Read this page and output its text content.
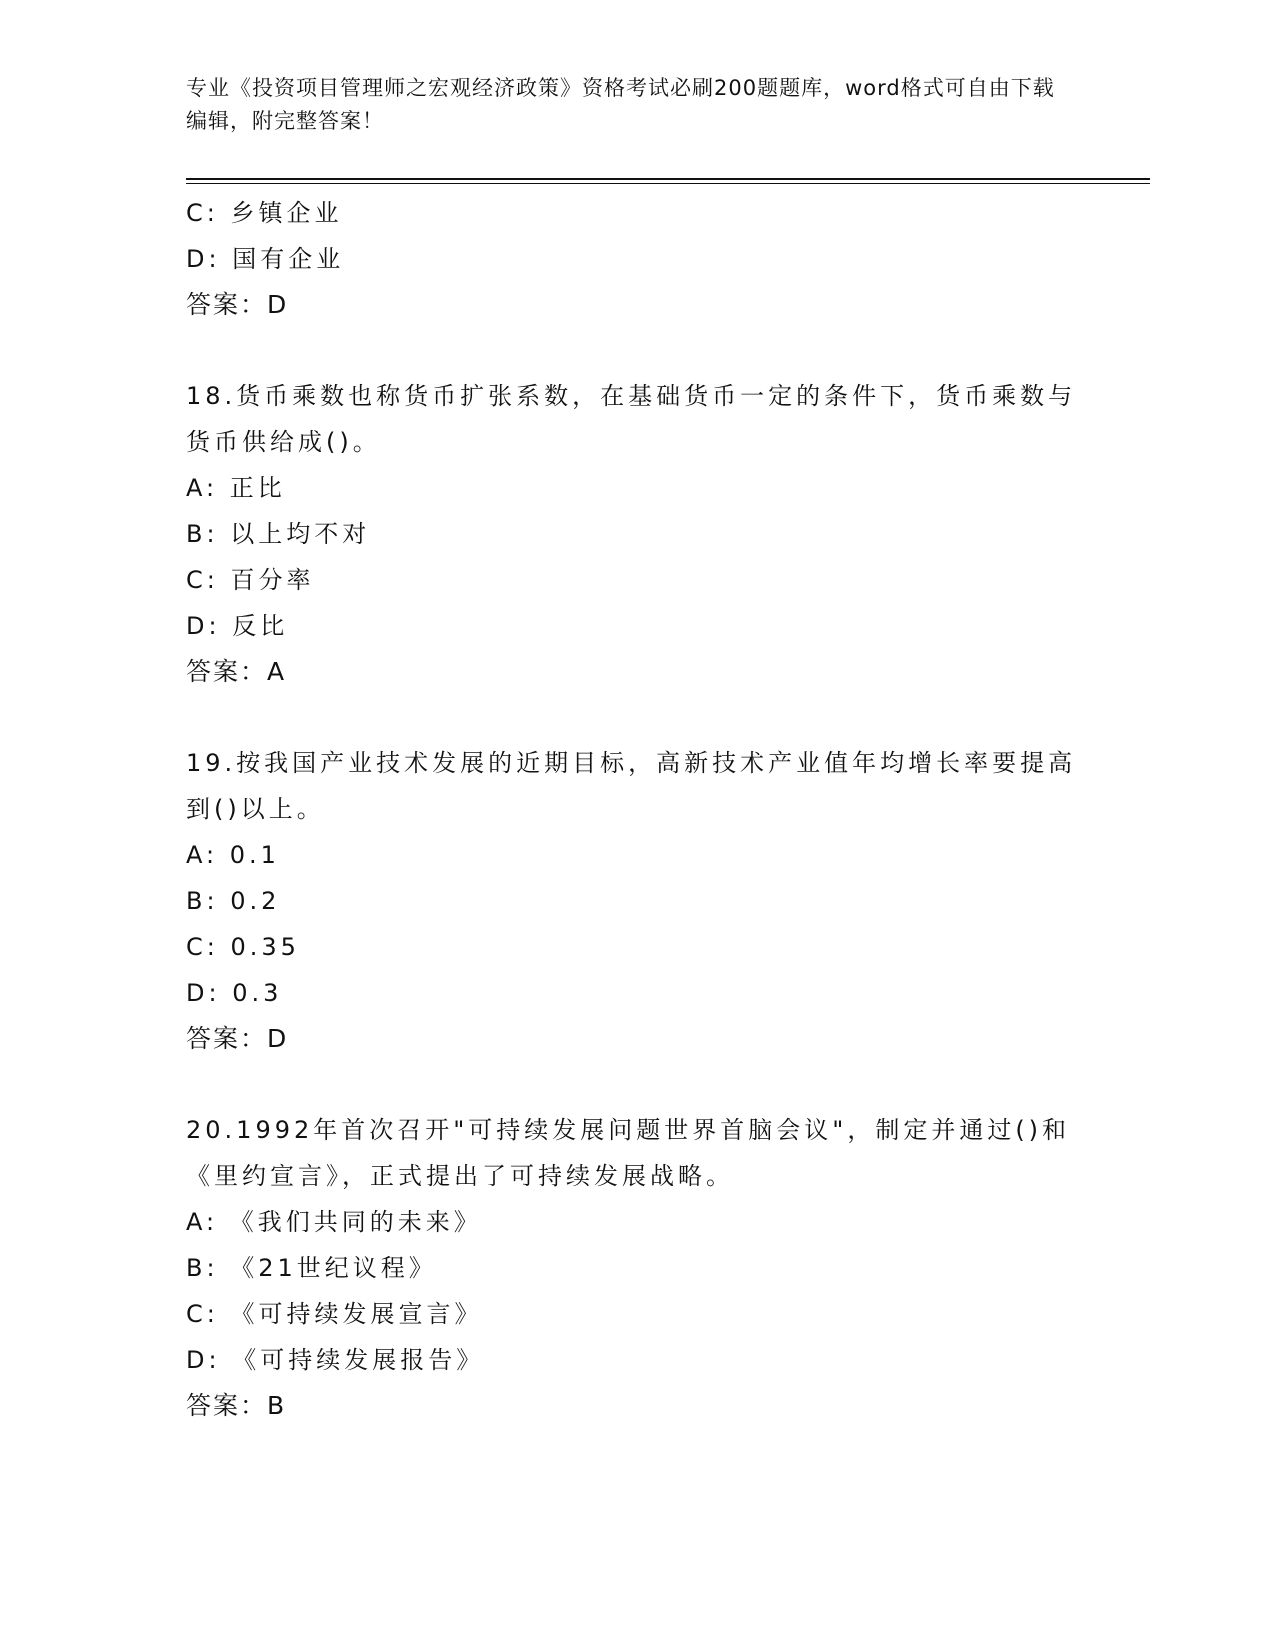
专业《投资项目管理师之宏观经济政策》资格考试必刷200题题库，word格式可自由下载编辑，附完整答案！

C: 乡镇企业

D: 国有企业

答案：D

18.货币乘数也称货币扩张系数，在基础货币一定的条件下，货币乘数与货币供给成()。

A: 正比

B: 以上均不对

C: 百分率

D: 反比

答案：A

19.按我国产业技术发展的近期目标，高新技术产业值年均增长率要提高到()以上。

A: 0.1

B: 0.2

C: 0.35

D: 0.3

答案：D

20.1992年首次召开"可持续发展问题世界首脑会议"，制定并通过()和《里约宣言》，正式提出了可持续发展战略。

A: 《我们共同的未来》

B: 《21世纪议程》

C: 《可持续发展宣言》

D: 《可持续发展报告》

答案：B
